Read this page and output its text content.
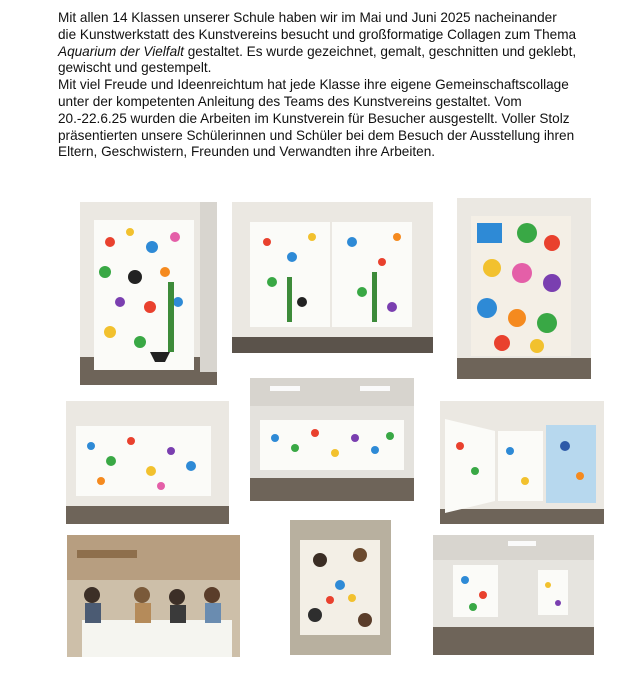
Mit allen 14 Klassen unserer Schule haben wir im Mai und Juni 2025 nacheinander die Kunstwerkstatt des Kunstvereins besucht und großformatige Collagen zum Thema Aquarium der Vielfalt gestaltet. Es wurde gezeichnet, gemalt, geschnitten und geklebt, gewischt und gestempelt.

Mit viel Freude und Ideenreichtum hat jede Klasse ihre eigene Gemeinschaftscollage unter der kompetenten Anleitung des Teams des Kunstvereins gestaltet. Vom 20.-22.6.25 wurden die Arbeiten im Kunstverein für Besucher ausgestellt. Voller Stolz präsentierten unsere Schülerinnen und Schüler bei dem Besuch der Ausstellung ihren Eltern, Geschwistern, Freunden und Verwandten ihre Arbeiten.
